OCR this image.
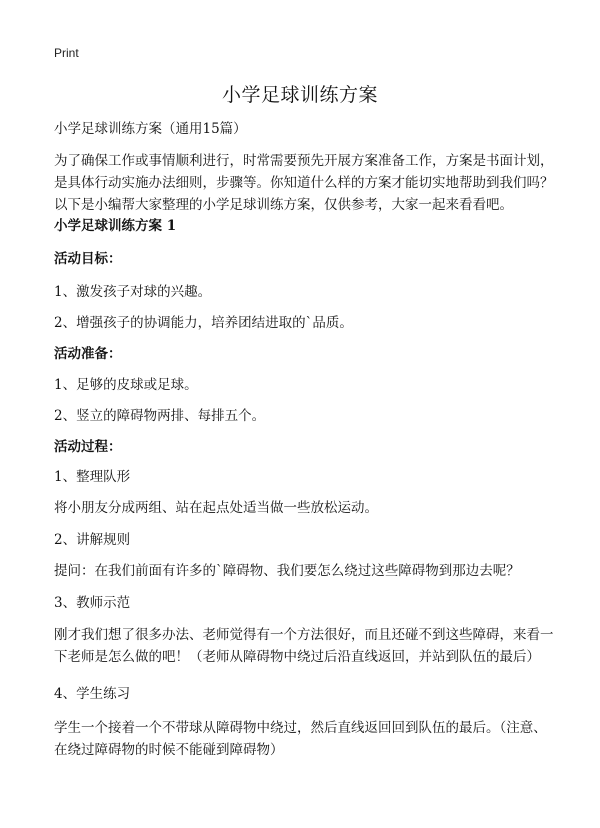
Print
小学足球训练方案
小学足球训练方案（通用15篇）
为了确保工作或事情顺利进行，时常需要预先开展方案准备工作，方案是书面计划，是具体行动实施办法细则，步骤等。你知道什么样的方案才能切实地帮助到我们吗？以下是小编帮大家整理的小学足球训练方案，仅供参考，大家一起来看看吧。
小学足球训练方案 1
活动目标：
1、激发孩子对球的兴趣。
2、增强孩子的协调能力，培养团结进取的`品质。
活动准备：
1、足够的皮球或足球。
2、竖立的障碍物两排、每排五个。
活动过程：
1、整理队形
将小朋友分成两组、站在起点处适当做一些放松运动。
2、讲解规则
提问：在我们前面有许多的`障碍物、我们要怎么绕过这些障碍物到那边去呢？
3、教师示范
刚才我们想了很多办法、老师觉得有一个方法很好，而且还碰不到这些障碍，来看一下老师是怎么做的吧！（老师从障碍物中绕过后沿直线返回，并站到队伍的最后）
4、学生练习
学生一个接着一个不带球从障碍物中绕过，然后直线返回回到队伍的最后。（注意、在绕过障碍物的时候不能碰到障碍物）
